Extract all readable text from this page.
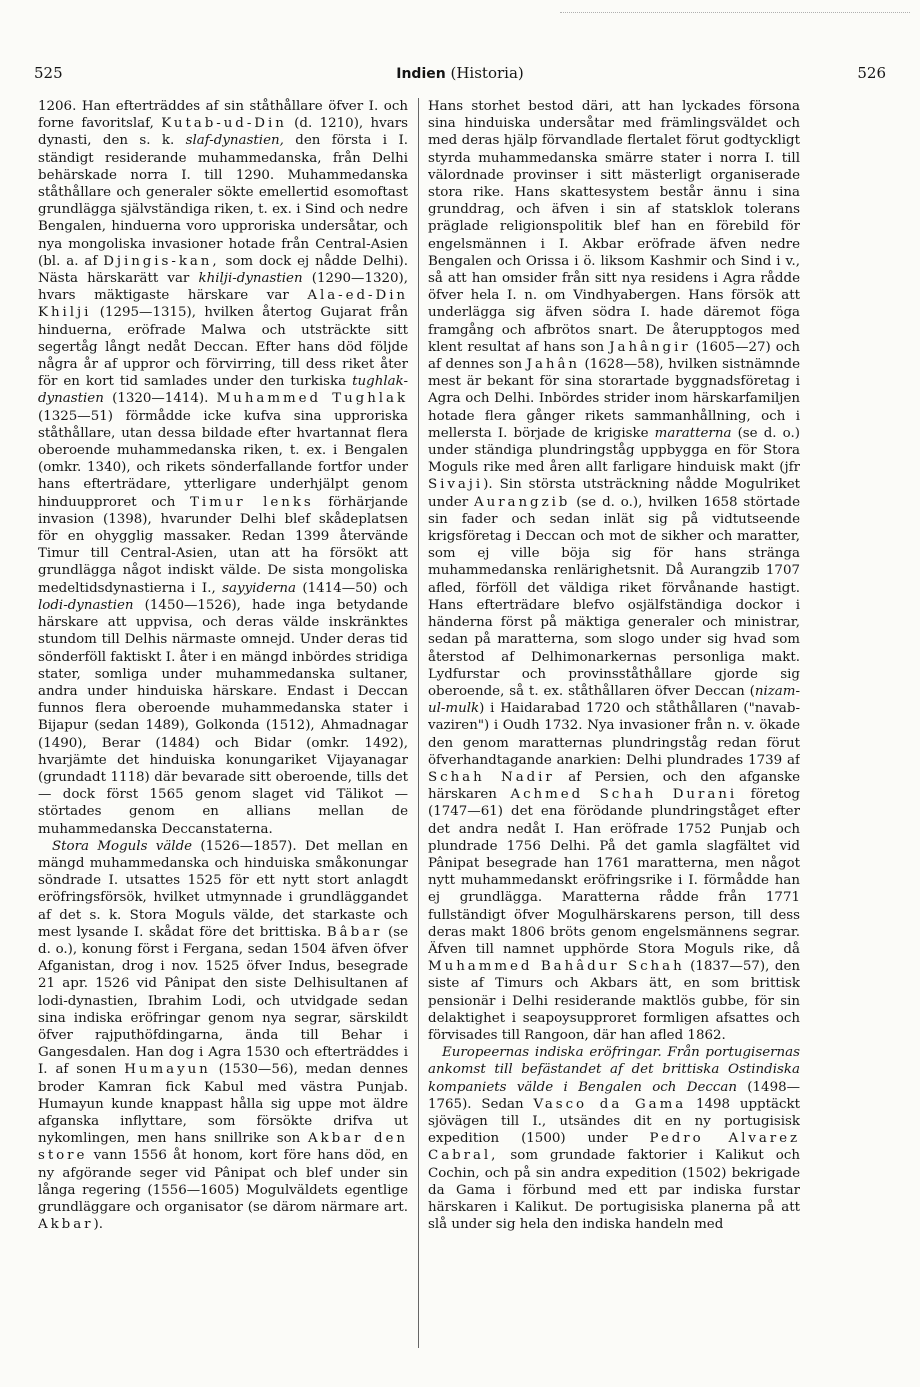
525	Indien (Historia)	526

1206. Han efterträddes af sin ståthållare öfver I. och forne favoritslaf, Kutab-ud-Din (d. 1210), hvars dynasti, den s. k. slaf-dynastien, den första i I. ständigt residerande muhammedanska, från Delhi behärskade norra I. till 1290. Muhammedanska ståthållare och generaler sökte emellertid esomoftast grundlägga självständiga riken, t. ex. i Sind och nedre Bengalen, hinduerna voro upproriska undersåtar, och nya mongoliska invasioner hotade från Central-Asien (bl. a. af Djingis-kan, som dock ej nådde Delhi). Nästa härskarätt var khilji-dynastien (1290—1320), hvars mäktigaste härskare var Ala-ed-Din Khilji (1295—1315), hvilken återtog Gujarat från hinduerna, eröfrade Malwa och utsträckte sitt segertåg långt nedåt Deccan. Efter hans död följde några år af uppror och förvirring, till dess riket åter för en kort tid samlades under den turkiska tughlak-dynastien (1320—1414). Muhammed Tughlak (1325—51) förmådde icke kufva sina upproriska ståthållare, utan dessa bildade efter hvartannat flera oberoende muhammedanska riken, t. ex. i Bengalen (omkr. 1340), och rikets sönderfallande fortfor under hans efterträdare, ytterligare underhjälpt genom hinduupproret och Timur lenks förhärjande invasion (1398), hvarunder Delhi blef skådeplatsen för en ohygglig massaker. Redan 1399 återvände Timur till Central-Asien, utan att ha försökt att grundlägga något indiskt välde. De sista mongoliska medeltidsdynastierna i I., sayyiderna (1414—50) och lodi-dynastien (1450—1526), hade inga betydande härskare att uppvisa, och deras välde inskränktes stundom till Delhis närmaste omnejd. Under deras tid sönderföll faktiskt I. åter i en mängd inbördes stridiga stater, somliga under muhammedanska sultaner, andra under hinduiska härskare. Endast i Deccan funnos flera oberoende muhammedanska stater i Bijapur (sedan 1489), Golkonda (1512), Ahmadnagar (1490), Berar (1484) och Bidar (omkr. 1492), hvarjämte det hinduiska konungariket Vijayanagar (grundadt 1118) där bevarade sitt oberoende, tills det — dock först 1565 genom slaget vid Tälikot — störtades genom en allians mellan de muhammedanska Deccanstaterna.

Stora Moguls välde (1526—1857). Det mellan en mängd muhammedanska och hinduiska småkonungar söndrade I. utsattes 1525 för ett nytt stort anlagdt eröfringsförsök, hvilket utmynnade i grundläggandet af det s. k. Stora Moguls välde, det starkaste och mest lysande I. skådat före det brittiska. Bâbar (se d. o.), konung först i Fergana, sedan 1504 äfven öfver Afganistan, drog i nov. 1525 öfver Indus, besegrade 21 apr. 1526 vid Pânipat den siste Delhisultanen af lodi-dynastien, Ibrahim Lodi, och utvidgade sedan sina indiska eröfringar genom nya segrar, särskildt öfver rajputhöfdingarna, ända till Behar i Gangesdalen. Han dog i Agra 1530 och efterträddes i I. af sonen Humayun (1530—56), medan dennes broder Kamran fick Kabul med västra Punjab. Humayun kunde knappast hålla sig uppe mot äldre afganska inflyttare, som försökte drifva ut nykomlingen, men hans snillrike son Akbar den store vann 1556 åt honom, kort före hans död, en ny afgörande seger vid Pânipat och blef under sin långa regering (1556—1605) Mogulväldets egentlige grundläggare och organisator (se därom närmare art. Akbar).

Hans storhet bestod däri, att han lyckades försona sina hinduiska undersåtar med främlingsväldet och med deras hjälp förvandlade flertalet förut godtyckligt styrda muhammedanska smärre stater i norra I. till välordnade provinser i sitt mästerligt organiserade stora rike. Hans skattesystem består ännu i sina grunddrag, och äfven i sin af statsklok tolerans präglade religionspolitik blef han en förebild för engelsmännen i I. Akbar eröfrade äfven nedre Bengalen och Orissa i ö. liksom Kashmir och Sind i v., så att han omsider från sitt nya residens i Agra rådde öfver hela I. n. om Vindhyabergen. Hans försök att underlägga sig äfven södra I. hade däremot föga framgång och afbrötos snart. De återupptogos med klent resultat af hans son Jahângir (1605—27) och af dennes son Jahân (1628—58), hvilken sistnämnde mest är bekant för sina storartade byggnadsföretag i Agra och Delhi. Inbördes strider inom härskarfamiljen hotade flera gånger rikets sammanhållning, och i mellersta I. började de krigiske maratterna (se d. o.) under ständiga plundringståg uppbygga en för Stora Moguls rike med åren allt farligare hinduisk makt (jfr Sivaji). Sin största utsträckning nådde Mogulriket under Aurangzib (se d. o.), hvilken 1658 störtade sin fader och sedan inlät sig på vidtutseende krigsföretag i Deccan och mot de sikher och maratter, som ej ville böja sig för hans stränga muhammedanska renlärighetsnit. Då Aurangzib 1707 afled, förföll det väldiga riket förvånande hastigt. Hans efterträdare blefvo osjälfständiga dockor i händerna först på mäktiga generaler och ministrar, sedan på maratterna, som slogo under sig hvad som återstod af Delhimonarkernas personliga makt. Lydfurstar och provinsståthållare gjorde sig oberoende, så t. ex. ståthållaren öfver Deccan (nizam-ul-mulk) i Haidarabad 1720 och ståthållaren ("navab-vaziren") i Oudh 1732. Nya invasioner från n. v. ökade den genom maratternas plundringståg redan förut öfverhandtagande anarkien: Delhi plundrades 1739 af Schah Nadir af Persien, och den afganske härskaren Achmed Schah Durani företog (1747—61) det ena förödande plundringståget efter det andra nedåt I. Han eröfrade 1752 Punjab och plundrade 1756 Delhi. På det gamla slagfältet vid Pânipat besegrade han 1761 maratterna, men något nytt muhammedanskt eröfringsrike i I. förmådde han ej grundlägga. Maratterna rådde från 1771 fullständigt öfver Mogulhärskarens person, till dess deras makt 1806 bröts genom engelsmännens segrar. Äfven till namnet upphörde Stora Moguls rike, då Muhammed Bahâdur Schah (1837—57), den siste af Timurs och Akbars ätt, en som brittisk pensionär i Delhi residerande maktlös gubbe, för sin delaktighet i seapoysupproret formligen afsattes och förvisades till Rangoon, där han afled 1862.

Europeernas indiska eröfringar. Från portugisernas ankomst till befästandet af det brittiska Ostindiska kompaniets välde i Bengalen och Deccan (1498—1765). Sedan Vasco da Gama 1498 upptäckt sjövägen till I., utsändes dit en ny portugisisk expedition (1500) under Pedro Alvarez Cabral, som grundade faktorier i Kalikut och Cochin, och på sin andra expedition (1502) bekrigade da Gama i förbund med ett par indiska furstar härskaren i Kalikut. De portugisiska planerna på att slå under sig hela den indiska handeln med
